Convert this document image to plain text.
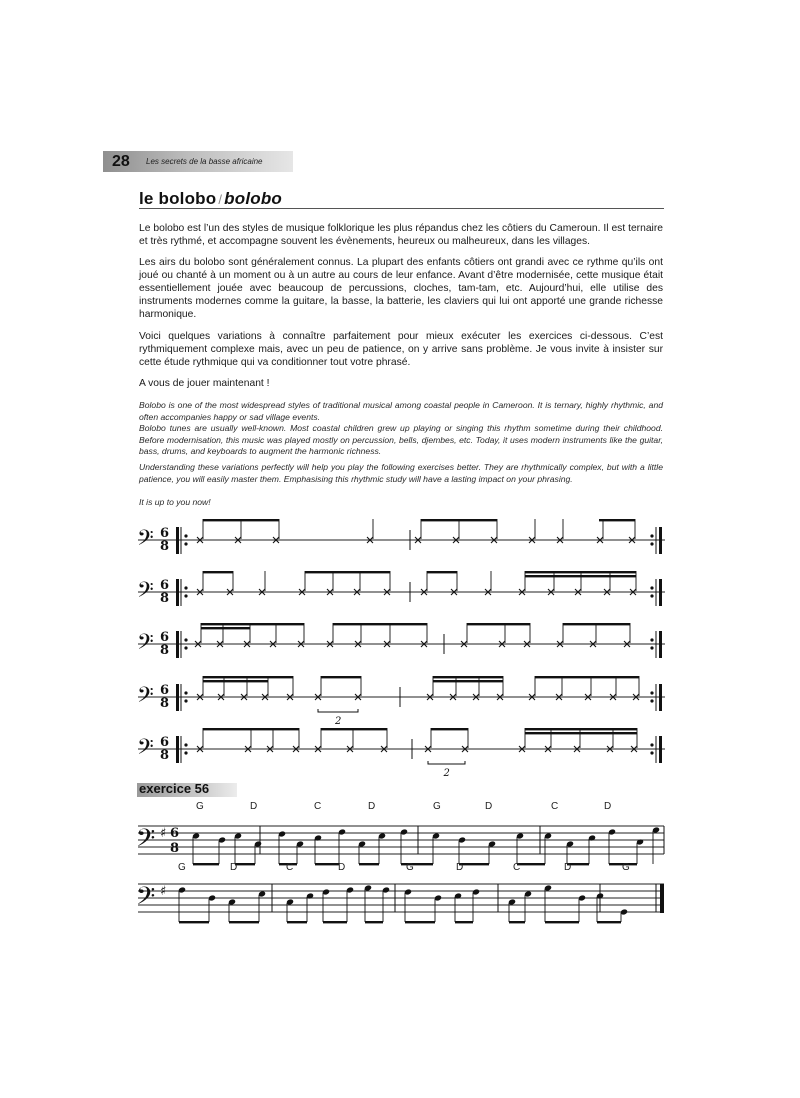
28 Les secrets de la basse africaine
le bolobo / bolobo

Le bolobo est l’un des styles de musique folklorique les plus répandus chez les côtiers du Cameroun. Il est ternaire et très rythmé, et accompagne souvent les évènements, heureux ou malheureux, dans les villages.

Les airs du bolobo sont généralement connus. La plupart des enfants côtiers ont grandi avec ce rythme qu’ils ont joué ou chanté à un moment ou à un autre au cours de leur enfance. Avant d’être modernisée, cette musique était essentiellement jouée avec beaucoup de percussions, cloches, tam-tam, etc. Aujourd’hui, elle utilise des instruments modernes comme la guitare, la basse, la batterie, les claviers qui lui ont apporté une grande richesse harmonique.

Voici quelques variations à connaître parfaitement pour mieux exécuter les exercices ci-dessous. C’est rythmiquement complexe mais, avec un peu de patience, on y arrive sans problème. Je vous invite à insister sur cette étude rythmique qui va conditionner tout votre phrasé.

A vous de jouer maintenant !

Bolobo is one of the most widespread styles of traditional musical among coastal people in Cameroon. It is ternary, highly rhythmic, and often accompanies happy or sad village events.

Bolobo tunes are usually well-known. Most coastal children grew up playing or singing this rhythm sometime during their childhood. Before modernisation, this music was played mostly on percussion, bells, djembes, etc. Today, it uses modern instruments like the guitar, bass, drums, and keyboards to augment the harmonic richness.

Understanding these variations perfectly will help you play the following exercises better. They are rhythmically complex, but with a little patience, you will easily master them. Emphasising this rhythmic study will have a lasting impact on your phrasing.

It is up to you now!

𝄢 6
8
𝄢 6
8
𝄢 6
8
𝄢 6
8
2
𝄢 6
8
2
𝄢 ♯ 6
8
𝄢 ♯
exercice 56
G	D	C	D	G	D	C	D
G	D	C	D	G	D	C	D	G
